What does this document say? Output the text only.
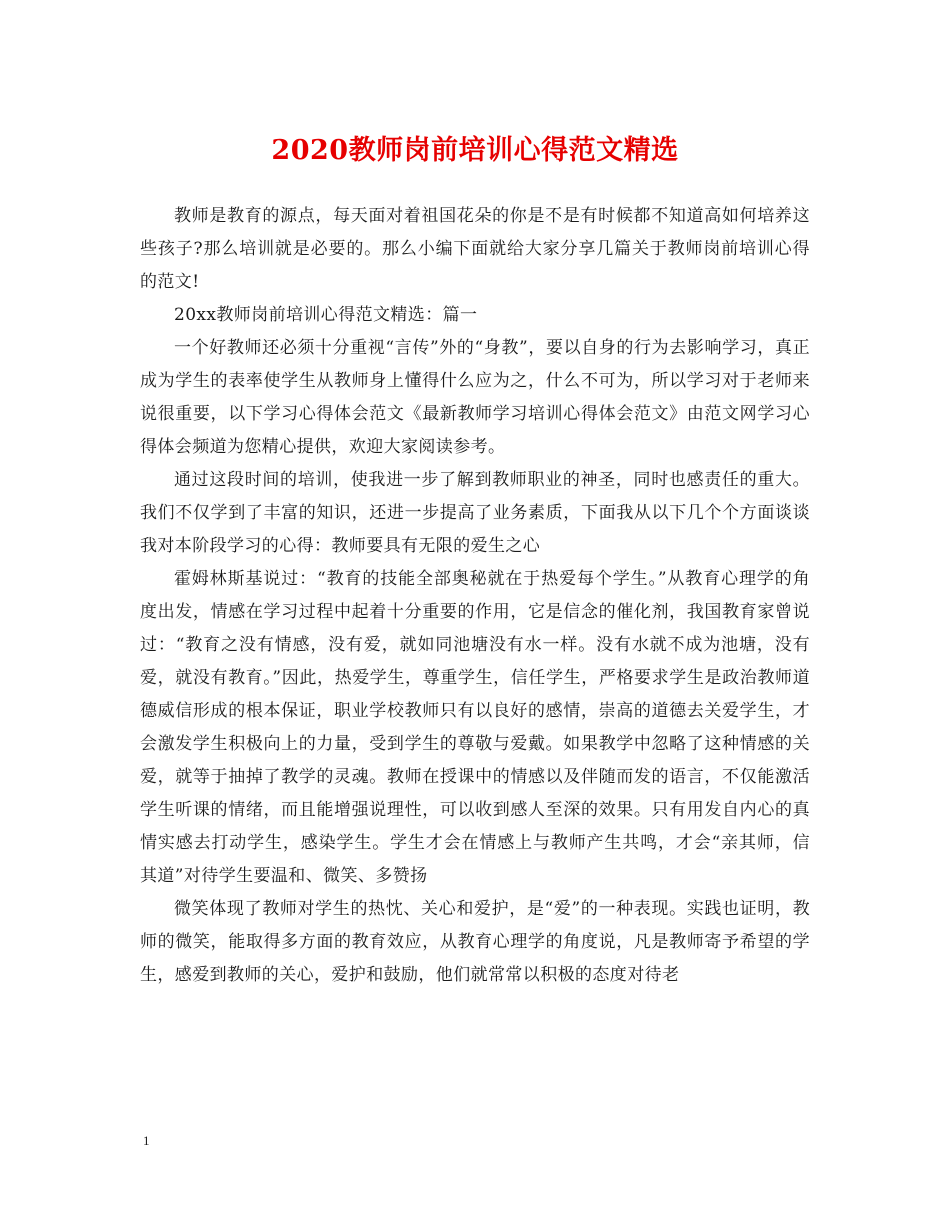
2020教师岗前培训心得范文精选

教师是教育的源点，每天面对着祖国花朵的你是不是有时候都不知道高如何培养这些孩子?那么培训就是必要的。那么小编下面就给大家分享几篇关于教师岗前培训心得的范文!

20xx教师岗前培训心得范文精选：篇一

一个好教师还必须十分重视“言传”外的“身教”，要以自身的行为去影响学习，真正成为学生的表率使学生从教师身上懂得什么应为之，什么不可为，所以学习对于老师来说很重要，以下学习心得体会范文《最新教师学习培训心得体会范文》由范文网学习心得体会频道为您精心提供，欢迎大家阅读参考。

通过这段时间的培训，使我进一步了解到教师职业的神圣，同时也感责任的重大。我们不仅学到了丰富的知识，还进一步提高了业务素质，下面我从以下几个个方面谈谈我对本阶段学习的心得：教师要具有无限的爱生之心

霍姆林斯基说过：“教育的技能全部奥秘就在于热爱每个学生。”从教育心理学的角度出发，情感在学习过程中起着十分重要的作用，它是信念的催化剂，我国教育家曾说过：“教育之没有情感，没有爱，就如同池塘没有水一样。没有水就不成为池塘，没有爱，就没有教育。”因此，热爱学生，尊重学生，信任学生，严格要求学生是政治教师道德威信形成的根本保证，职业学校教师只有以良好的感情，崇高的道德去关爱学生，才会激发学生积极向上的力量，受到学生的尊敬与爱戴。如果教学中忽略了这种情感的关爱，就等于抽掉了教学的灵魂。教师在授课中的情感以及伴随而发的语言，不仅能激活学生听课的情绪，而且能增强说理性，可以收到感人至深的效果。只有用发自内心的真情实感去打动学生，感染学生。学生才会在情感上与教师产生共鸣，才会“亲其师，信其道”对待学生要温和、微笑、多赞扬

微笑体现了教师对学生的热忱、关心和爱护，是“爱”的一种表现。实践也证明，教师的微笑，能取得多方面的教育效应，从教育心理学的角度说，凡是教师寄予希望的学生，感爱到教师的关心，爱护和鼓励，他们就常常以积极的态度对待老

1
